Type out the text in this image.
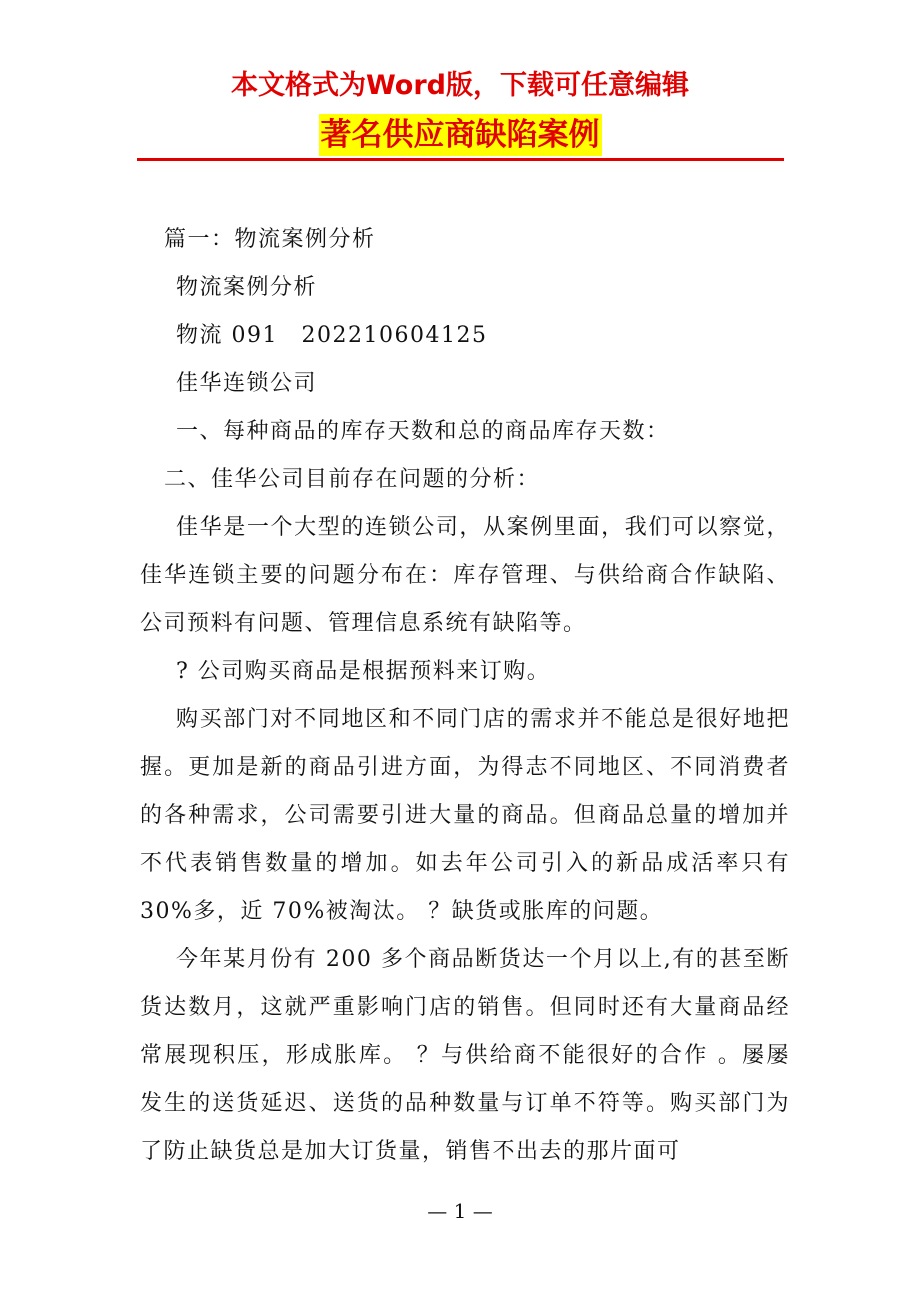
本文格式为Word版，下载可任意编辑
著名供应商缺陷案例

篇一：物流案例分析

物流案例分析

物流 091　202210604125

佳华连锁公司

一、每种商品的库存天数和总的商品库存天数：

二、佳华公司目前存在问题的分析：

佳华是一个大型的连锁公司，从案例里面，我们可以察觉，佳华连锁主要的问题分布在：库存管理、与供给商合作缺陷、公司预料有问题、管理信息系统有缺陷等。

? 公司购买商品是根据预料来订购。

购买部门对不同地区和不同门店的需求并不能总是很好地把握。更加是新的商品引进方面，为得志不同地区、不同消费者的各种需求，公司需要引进大量的商品。但商品总量的增加并不代表销售数量的增加。如去年公司引入的新品成活率只有 30%多，近 70%被淘汰。 ？缺货或胀库的问题。

今年某月份有 200 多个商品断货达一个月以上,有的甚至断货达数月，这就严重影响门店的销售。但同时还有大量商品经常展现积压，形成胀库。 ？与供给商不能很好的合作 。屡屡发生的送货延迟、送货的品种数量与订单不符等。购买部门为了防止缺货总是加大订货量，销售不出去的那片面可

— 1 —
